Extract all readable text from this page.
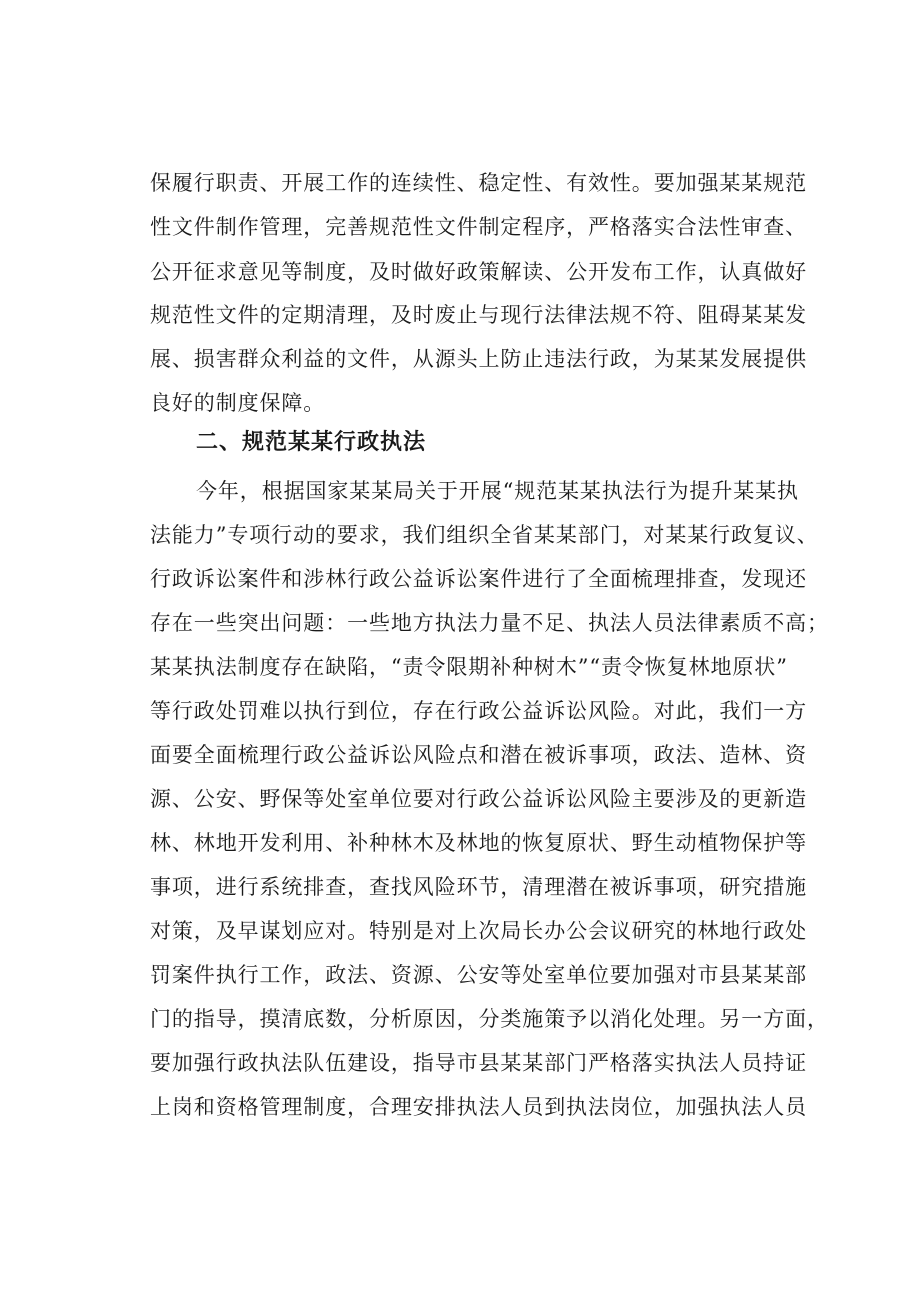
保履行职责、开展工作的连续性、稳定性、有效性。要加强某某规范
性文件制作管理，完善规范性文件制定程序，严格落实合法性审查、
公开征求意见等制度，及时做好政策解读、公开发布工作，认真做好
规范性文件的定期清理，及时废止与现行法律法规不符、阻碍某某发
展、损害群众利益的文件，从源头上防止违法行政，为某某发展提供
良好的制度保障。
二、规范某某行政执法
今年，根据国家某某局关于开展“规范某某执法行为提升某某执
法能力”专项行动的要求，我们组织全省某某部门，对某某行政复议、
行政诉讼案件和涉林行政公益诉讼案件进行了全面梳理排查，发现还
存在一些突出问题：一些地方执法力量不足、执法人员法律素质不高；
某某执法制度存在缺陷，“责令限期补种树木”“责令恢复林地原状”
等行政处罚难以执行到位，存在行政公益诉讼风险。对此，我们一方
面要全面梳理行政公益诉讼风险点和潜在被诉事项，政法、造林、资
源、公安、野保等处室单位要对行政公益诉讼风险主要涉及的更新造
林、林地开发利用、补种林木及林地的恢复原状、野生动植物保护等
事项，进行系统排查，查找风险环节，清理潜在被诉事项，研究措施
对策，及早谋划应对。特别是对上次局长办公会议研究的林地行政处
罚案件执行工作，政法、资源、公安等处室单位要加强对市县某某部
门的指导，摸清底数，分析原因，分类施策予以消化处理。另一方面，
要加强行政执法队伍建设，指导市县某某部门严格落实执法人员持证
上岗和资格管理制度，合理安排执法人员到执法岗位，加强执法人员
